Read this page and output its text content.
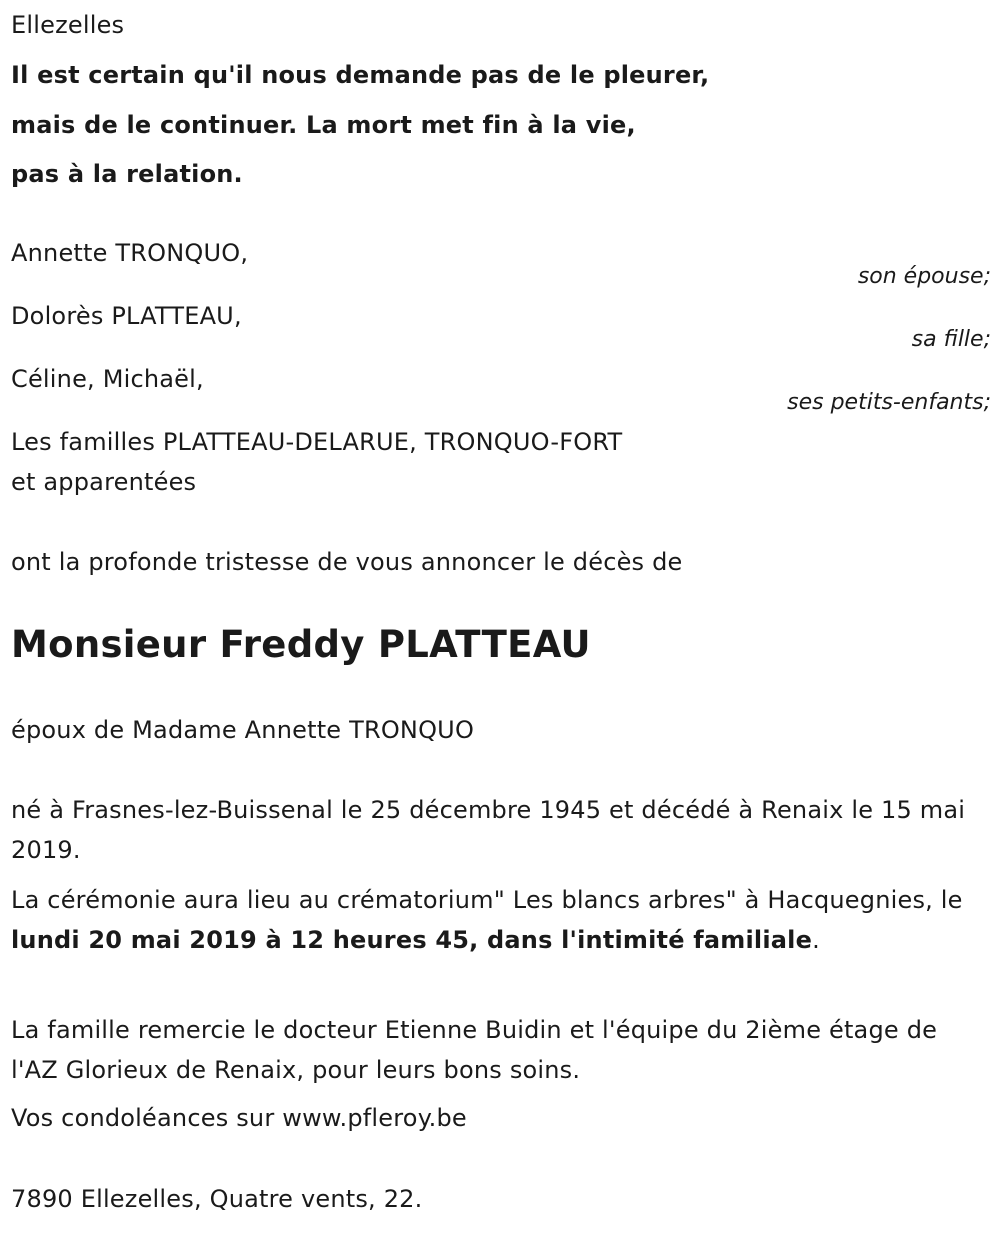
Ellezelles
Il est certain qu'il nous demande pas de le pleurer,
mais de le continuer. La mort met fin à la vie,
pas à la relation.
Annette TRONQUO,
son épouse;
Dolorès PLATTEAU,
sa fille;
Céline, Michaël,
ses petits-enfants;
Les familles PLATTEAU-DELARUE, TRONQUO-FORT
et apparentées
ont la profonde tristesse de vous annoncer le décès de
Monsieur Freddy PLATTEAU
époux de Madame Annette TRONQUO
né à Frasnes-lez-Buissenal le 25 décembre 1945 et décédé à Renaix le 15 mai 2019.
La cérémonie aura lieu au crématorium" Les blancs arbres" à Hacquegnies, le lundi 20 mai 2019 à 12 heures 45, dans l'intimité familiale.
La famille remercie le docteur Etienne Buidin et l'équipe du 2ième étage de l'AZ Glorieux de Renaix, pour leurs bons soins.
Vos condoléances sur www.pfleroy.be
7890 Ellezelles, Quatre vents, 22.
